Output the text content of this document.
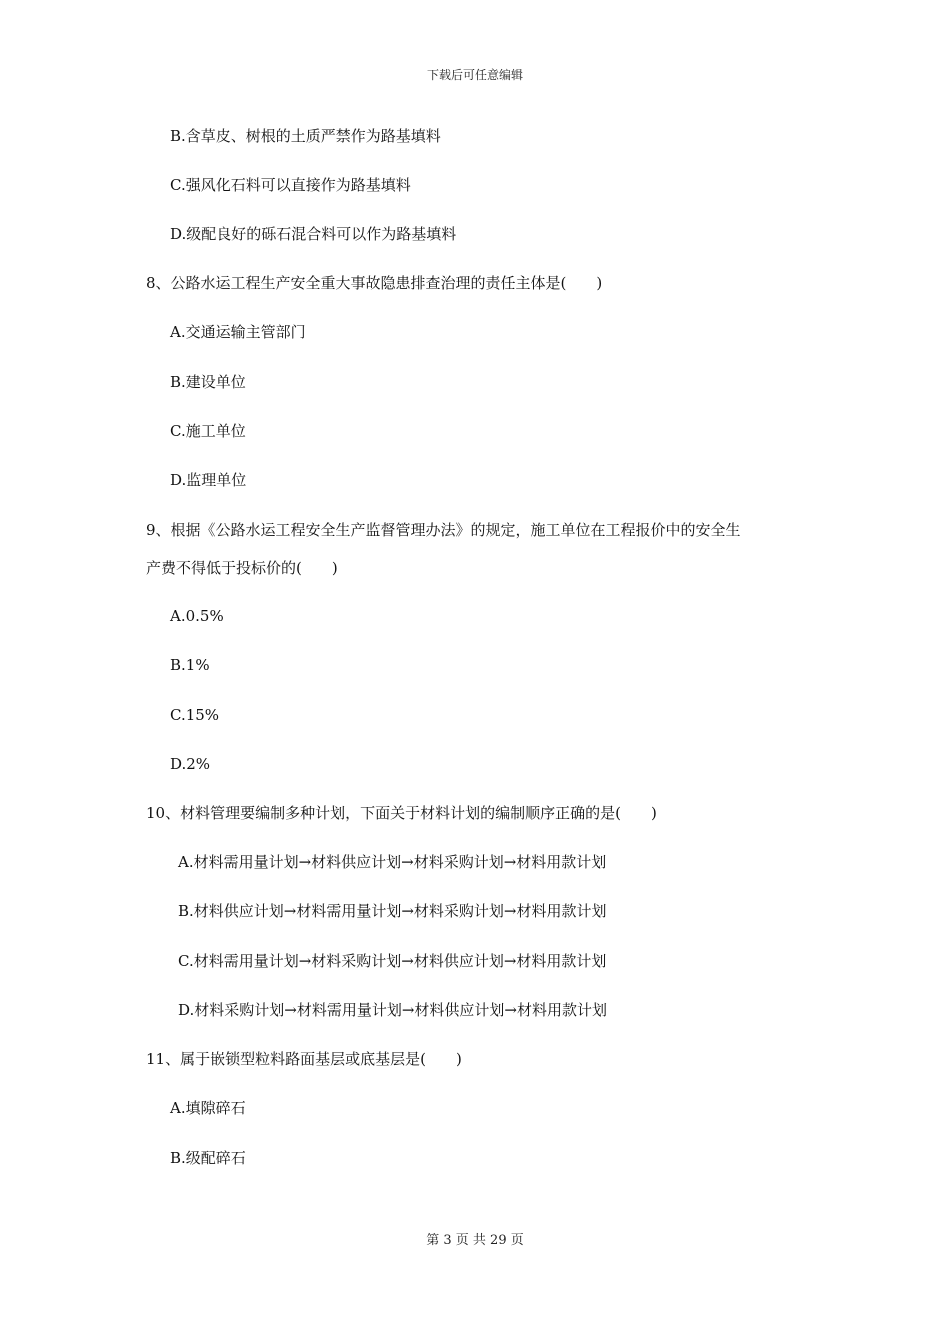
下载后可任意编辑
B.含草皮、树根的土质严禁作为路基填料
C.强风化石料可以直接作为路基填料
D.级配良好的砾石混合料可以作为路基填料
8、公路水运工程生产安全重大事故隐患排查治理的责任主体是(　　)
A.交通运输主管部门
B.建设单位
C.施工单位
D.监理单位
9、根据《公路水运工程安全生产监督管理办法》的规定，施工单位在工程报价中的安全生
产费不得低于投标价的(　　)
A.0.5%
B.1%
C.15%
D.2%
10、材料管理要编制多种计划，下面关于材料计划的编制顺序正确的是(　　)
A.材料需用量计划→材料供应计划→材料采购计划→材料用款计划
B.材料供应计划→材料需用量计划→材料采购计划→材料用款计划
C.材料需用量计划→材料采购计划→材料供应计划→材料用款计划
D.材料采购计划→材料需用量计划→材料供应计划→材料用款计划
11、属于嵌锁型粒料路面基层或底基层是(　　)
A.填隙碎石
B.级配碎石
第 3 页 共 29 页
